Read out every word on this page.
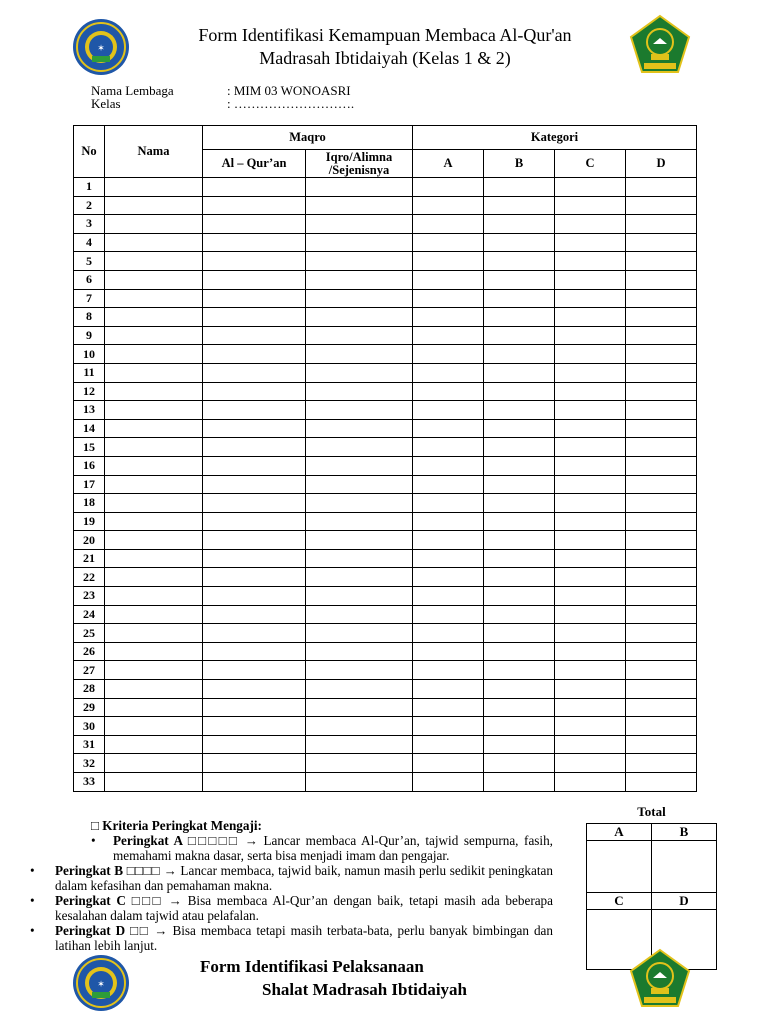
✶
Form Identifikasi Kemampuan Membaca Al-Qur'an
Madrasah Ibtidaiyah (Kelas 1 & 2)
Nama Lembaga	: MIM 03 WONOASRI
Kelas	: ……………………….
No	Nama	Maqro		Kategori			
		Al – Qur’an	Iqro/Alimna /Sejenisnya	A	B	C	D
1							
2							
3							
4							
5							
6							
7							
8							
9							
10							
11							
12							
13							
14							
15							
16							
17							
18							
19							
20							
21							
22							
23							
24							
25							
26							
27							
28							
29							
30							
31							
32							
33							
Total
A	B

C	D

□ Kriteria Peringkat Mengaji:
• Peringkat A □□□□□ → Lancar membaca Al-Qur’an, tajwid sempurna, fasih, memahami makna dasar, serta bisa menjadi imam dan pengajar.
• Peringkat B □□□□ → Lancar membaca, tajwid baik, namun masih perlu sedikit peningkatan dalam kefasihan dan pemahaman makna.
• Peringkat C □□□ → Bisa membaca Al-Qur’an dengan baik, tetapi masih ada beberapa kesalahan dalam tajwid atau pelafalan.
• Peringkat D □□ → Bisa membaca tetapi masih terbata-bata, perlu banyak bimbingan dan latihan lebih lanjut.
✶
Form Identifikasi Pelaksanaan
Shalat Madrasah Ibtidaiyah
